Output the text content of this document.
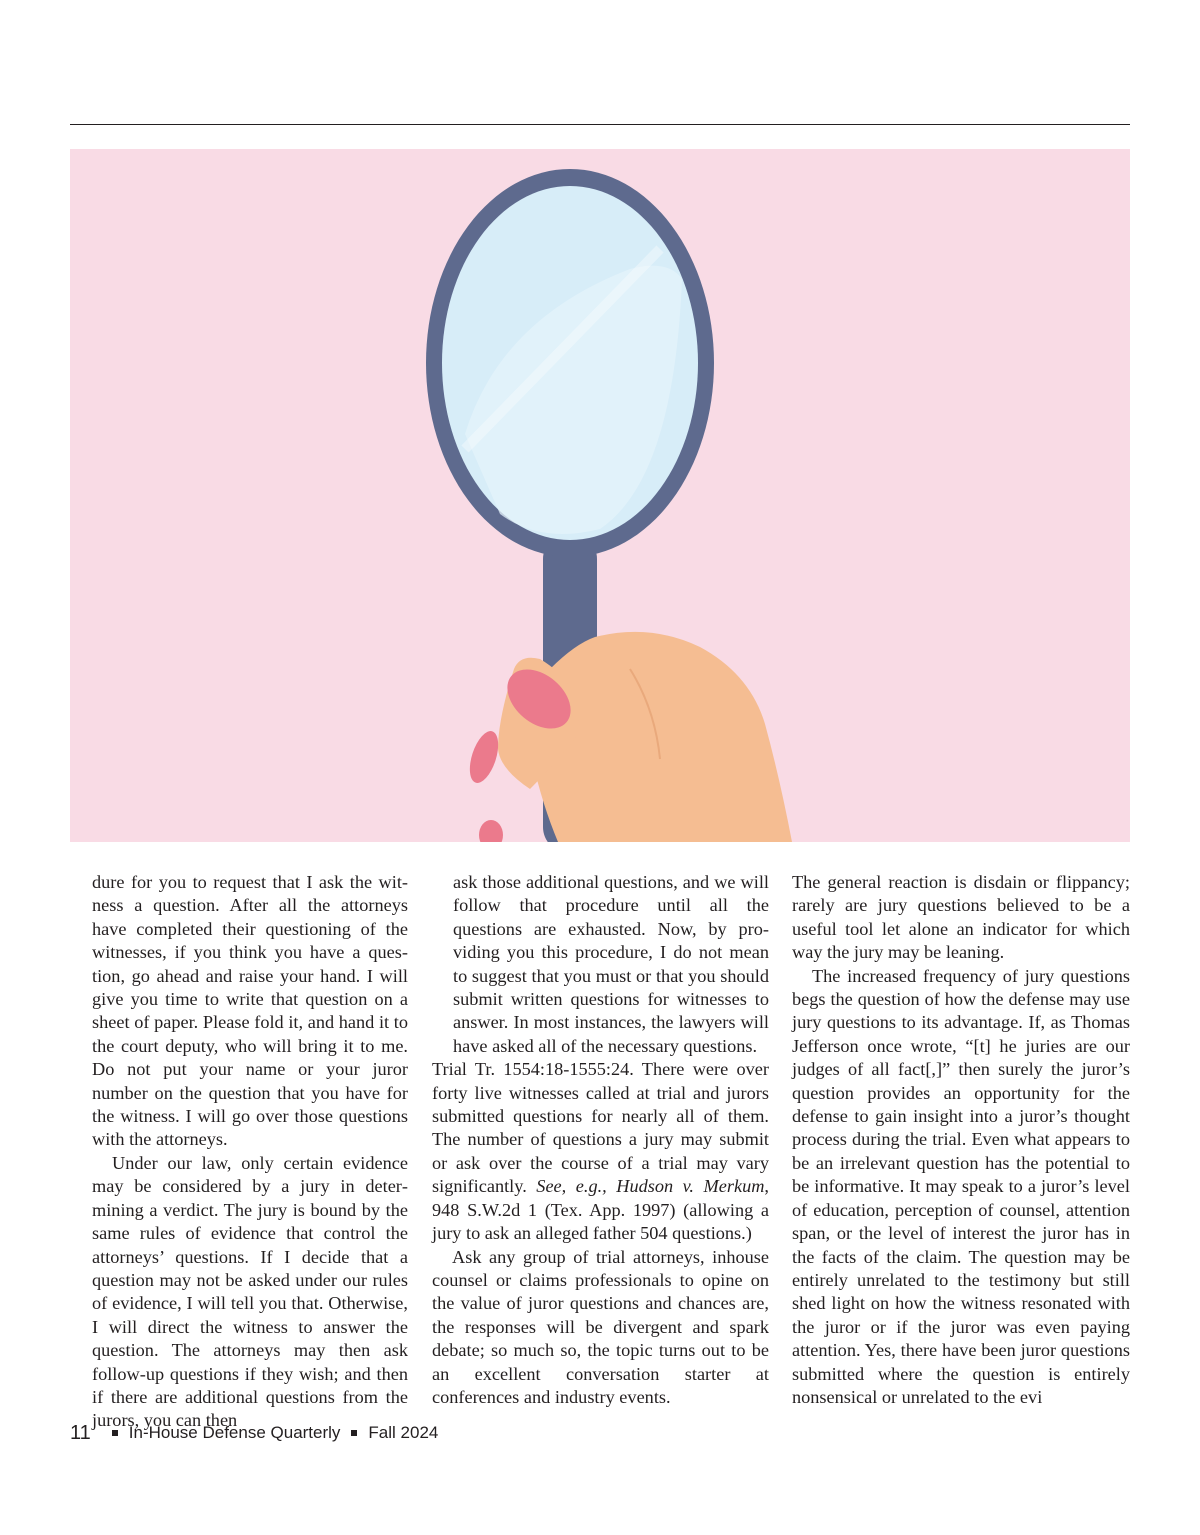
dure for you to request that I ask the witness a question. After all the attorneys have completed their questioning of the witnesses, if you think you have a question, go ahead and raise your hand. I will give you time to write that question on a sheet of paper. Please fold it, and hand it to the court deputy, who will bring it to me. Do not put your name or your juror number on the question that you have for the witness. I will go over those questions with the attorneys.

Under our law, only certain evidence may be considered by a jury in determining a verdict. The jury is bound by the same rules of evidence that control the attorneys’ questions. If I decide that a question may not be asked under our rules of evidence, I will tell you that. Otherwise, I will direct the witness to answer the question. The attorneys may then ask follow-up questions if they wish; and then if there are additional questions from the jurors, you can then

ask those additional questions, and we will follow that procedure until all the questions are exhausted. Now, by providing you this procedure, I do not mean to suggest that you must or that you should submit written questions for witnesses to answer. In most instances, the lawyers will have asked all of the necessary questions.

Trial Tr. 1554:18-1555:24. There were over forty live witnesses called at trial and jurors submitted questions for nearly all of them. The number of questions a jury may submit or ask over the course of a trial may vary significantly. See, e.g., Hudson v. Merkum, 948 S.W.2d 1 (Tex. App. 1997) (allowing a jury to ask an alleged father 504 questions.)

Ask any group of trial attorneys, inhouse counsel or claims professionals to opine on the value of juror questions and chances are, the responses will be divergent and spark debate; so much so, the topic turns out to be an excellent conversation starter at conferences and industry events.

The general reaction is disdain or flippancy; rarely are jury questions believed to be a useful tool let alone an indicator for which way the jury may be leaning.

The increased frequency of jury questions begs the question of how the defense may use jury questions to its advantage. If, as Thomas Jefferson once wrote, “[t] he juries are our judges of all fact[,]” then surely the juror’s question provides an opportunity for the defense to gain insight into a juror’s thought process during the trial. Even what appears to be an irrelevant question has the potential to be informative. It may speak to a juror’s level of education, perception of counsel, attention span, or the level of interest the juror has in the facts of the claim. The question may be entirely unrelated to the testimony but still shed light on how the witness resonated with the juror or if the juror was even paying attention. Yes, there have been juror questions submitted where the question is entirely nonsensical or unrelated to the evi

11 In-House Defense Quarterly Fall 2024
